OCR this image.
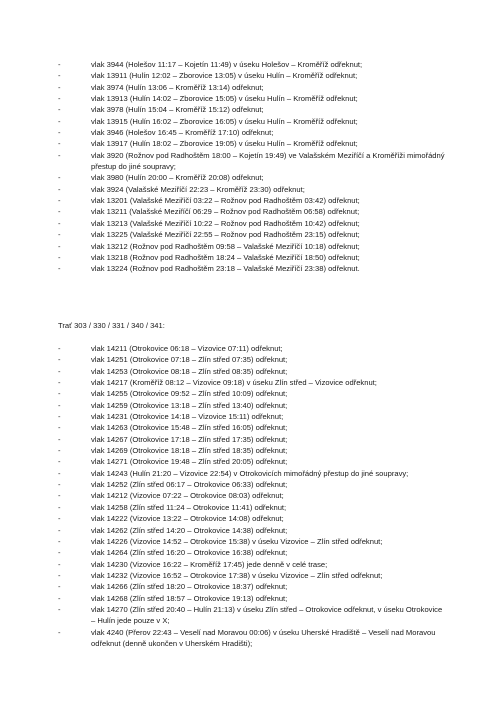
-	vlak 3944 (Holešov 11:17 – Kojetín 11:49) v úseku Holešov – Kroměříž odřeknut;
-	vlak 13911 (Hulín 12:02 – Zborovice 13:05) v úseku Hulín – Kroměříž odřeknut;
-	vlak 3974 (Hulín 13:06 – Kroměříž 13:14) odřeknut;
-	vlak 13913 (Hulín 14:02 – Zborovice 15:05) v úseku Hulín – Kroměříž odřeknut;
-	vlak 3978 (Hulín 15:04 – Kroměříž 15:12) odřeknut;
-	vlak 13915 (Hulín 16:02 – Zborovice 16:05) v úseku Hulín – Kroměříž odřeknut;
-	vlak 3946 (Holešov 16:45 – Kroměříž 17:10) odřeknut;
-	vlak 13917 (Hulín 18:02 – Zborovice 19:05) v úseku Hulín – Kroměříž odřeknut;
-	vlak 3920 (Rožnov pod Radhoštěm 18:00 – Kojetín 19:49) ve Valašském Meziříčí a Kroměříži mimořádný přestup do jiné soupravy;
-	vlak 3980 (Hulín 20:00 – Kroměříž 20:08) odřeknut;
-	vlak 3924 (Valašské Meziříčí 22:23 – Kroměříž 23:30) odřeknut;
-	vlak 13201 (Valašské Meziříčí 03:22 – Rožnov pod Radhoštěm 03:42) odřeknut;
-	vlak 13211 (Valašské Meziříčí 06:29 – Rožnov pod Radhoštěm 06:58) odřeknut;
-	vlak 13213 (Valašské Meziříčí 10:22 – Rožnov pod Radhoštěm 10:42) odřeknut;
-	vlak 13225 (Valašské Meziříčí 22:55 – Rožnov pod Radhoštěm 23:15) odřeknut;
-	vlak 13212 (Rožnov pod Radhoštěm 09:58 – Valašské Meziříčí 10:18) odřeknut;
-	vlak 13218 (Rožnov pod Radhoštěm 18:24 – Valašské Meziříčí 18:50) odřeknut;
-	vlak 13224 (Rožnov pod Radhoštěm 23:18 – Valašské Meziříčí 23:38) odřeknut.
Trať 303 / 330 / 331 / 340 / 341:
-	vlak 14211 (Otrokovice 06:18 – Vizovice 07:11) odřeknut;
-	vlak 14251 (Otrokovice 07:18 – Zlín střed 07:35) odřeknut;
-	vlak 14253 (Otrokovice 08:18 – Zlín střed 08:35) odřeknut;
-	vlak 14217 (Kroměříž 08:12 – Vizovice 09:18) v úseku Zlín střed – Vizovice odřeknut;
-	vlak 14255 (Otrokovice 09:52 – Zlín střed 10:09) odřeknut;
-	vlak 14259 (Otrokovice 13:18 – Zlín střed 13:40) odřeknut;
-	vlak 14231 (Otrokovice 14:18 – Vizovice 15:11) odřeknut;
-	vlak 14263 (Otrokovice 15:48 – Zlín střed 16:05) odřeknut;
-	vlak 14267 (Otrokovice 17:18 – Zlín střed 17:35) odřeknut;
-	vlak 14269 (Otrokovice 18:18 – Zlín střed 18:35) odřeknut;
-	vlak 14271 (Otrokovice 19:48 – Zlín střed 20:05) odřeknut;
-	vlak 14243 (Hulín 21:20 – Vizovice 22:54) v Otrokovicích mimořádný přestup do jiné soupravy;
-	vlak 14252 (Zlín střed 06:17 – Otrokovice 06:33) odřeknut;
-	vlak 14212 (Vizovice 07:22 – Otrokovice 08:03) odřeknut;
-	vlak 14258 (Zlín střed 11:24 – Otrokovice 11:41) odřeknut;
-	vlak 14222 (Vizovice 13:22 – Otrokovice 14:08) odřeknut;
-	vlak 14262 (Zlín střed 14:20 – Otrokovice 14:38) odřeknut;
-	vlak 14226 (Vizovice 14:52 – Otrokovice 15:38) v úseku Vizovice – Zlín střed odřeknut;
-	vlak 14264 (Zlín střed 16:20 – Otrokovice 16:38) odřeknut;
-	vlak 14230 (Vizovice 16:22 – Kroměříž 17:45) jede denně v celé trase;
-	vlak 14232 (Vizovice 16:52 – Otrokovice 17:38) v úseku Vizovice – Zlín střed odřeknut;
-	vlak 14266 (Zlín střed 18:20 – Otrokovice 18:37) odřeknut;
-	vlak 14268 (Zlín střed 18:57 – Otrokovice 19:13) odřeknut;
-	vlak 14270 (Zlín střed 20:40 – Hulín 21:13) v úseku Zlín střed – Otrokovice odřeknut, v úseku Otrokovice – Hulín jede pouze v X;
-	vlak 4240 (Přerov 22:43 – Veselí nad Moravou 00:06) v úseku Uherské Hradiště – Veselí nad Moravou odřeknut (denně ukončen v Uherském Hradišti);
